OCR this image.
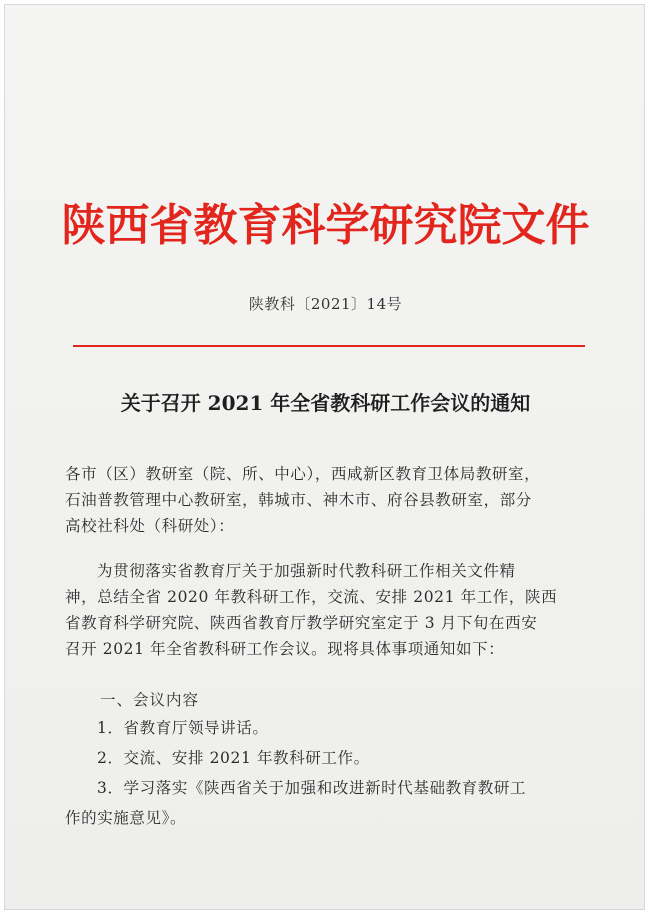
陕西省教育科学研究院文件
陕教科〔2021〕14号
关于召开 2021 年全省教科研工作会议的通知
各市（区）教研室（院、所、中心），西咸新区教育卫体局教研室，
石油普教管理中心教研室，韩城市、神木市、府谷县教研室，部分
高校社科处（科研处）：
为贯彻落实省教育厅关于加强新时代教科研工作相关文件精
神，总结全省 2020 年教科研工作，交流、安排 2021 年工作，陕西
省教育科学研究院、陕西省教育厅教学研究室定于 3 月下旬在西安
召开 2021 年全省教科研工作会议。现将具体事项通知如下：
一、会议内容
1．省教育厅领导讲话。
2．交流、安排 2021 年教科研工作。
3．学习落实《陕西省关于加强和改进新时代基础教育教研工
作的实施意见》。
